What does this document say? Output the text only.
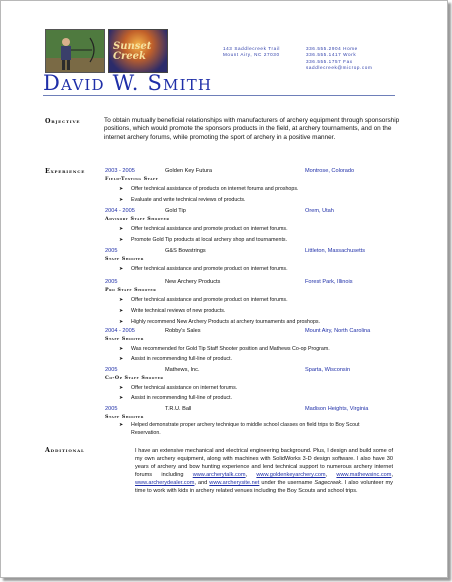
Sunset Creek
143 Saddlecreek Trail
Mount Airy, NC 27030
336.555.2904 Home
336.555.1417 Work
336.555.1757 Fax
saddlecreek@microp.com
David W. Smith
Objective	To obtain mutually beneficial relationships with manufacturers of archery equipment through sponsorship positions, which would promote the sponsors products in the field, at archery tournaments, and on the internet archery forums, while promoting the sport of archery in a positive manner.
Experience	2003 - 2005	Golden Key Futura	Montrose, Colorado
Field-Testing Staff
➤ Offer technical assistance of products on internet forums and proshops.
➤ Evaluate and write technical reviews of products.
2004 - 2005	Gold Tip	Orem, Utah
Advisory Staff Shooter
➤ Offer technical assistance and promote product on internet forums.
➤ Promote Gold Tip products at local archery shop and tournaments.
2005	G&S Bowstrings	Littleton, Massachusetts
Staff Shooter
➤ Offer technical assistance and promote product on internet forums.
2005	New Archery Products	Forest Park, Illinois
Pro Staff Shooter
➤ Offer technical assistance and promote product on internet forums.
➤ Write technical reviews of new products.
➤ Highly recommend New Archery Products at archery tournaments and proshops.
2004 - 2005	Robby's Sales	Mount Airy, North Carolina
Staff Shooter
➤ Was recommended for Gold Tip Staff Shooter position and Mathews Co-op Program.
➤ Assist in recommending full-line of product.
2005	Mathews, Inc.	Sparta, Wisconsin
Co-Op Staff Shooter
➤ Offer technical assistance on internet forums.
➤ Assist in recommending full-line of product.
2005	T.R.U. Ball	Madison Heights, Virginia
Staff Shooter
➤	Helped demonstrate proper archery technique to middle school classes on field trips to Boy Scout Reservation.
Additional	I have an extensive mechanical and electrical engineering background. Plus, I design and build some of my own archery equipment, along with machines with SolidWorks 3-D design software. I also have 30 years of archery and bow hunting experience and lend technical support to numerous archery internet forums including www.archerytalk.com, www.goldenkeyarchery.com, www.mathewsinc.com, www.archerydealer.com, and www.archerysite.net under the username Sagecreek. I also volunteer my time to work with kids in archery related venues including the Boy Scouts and school trips.
